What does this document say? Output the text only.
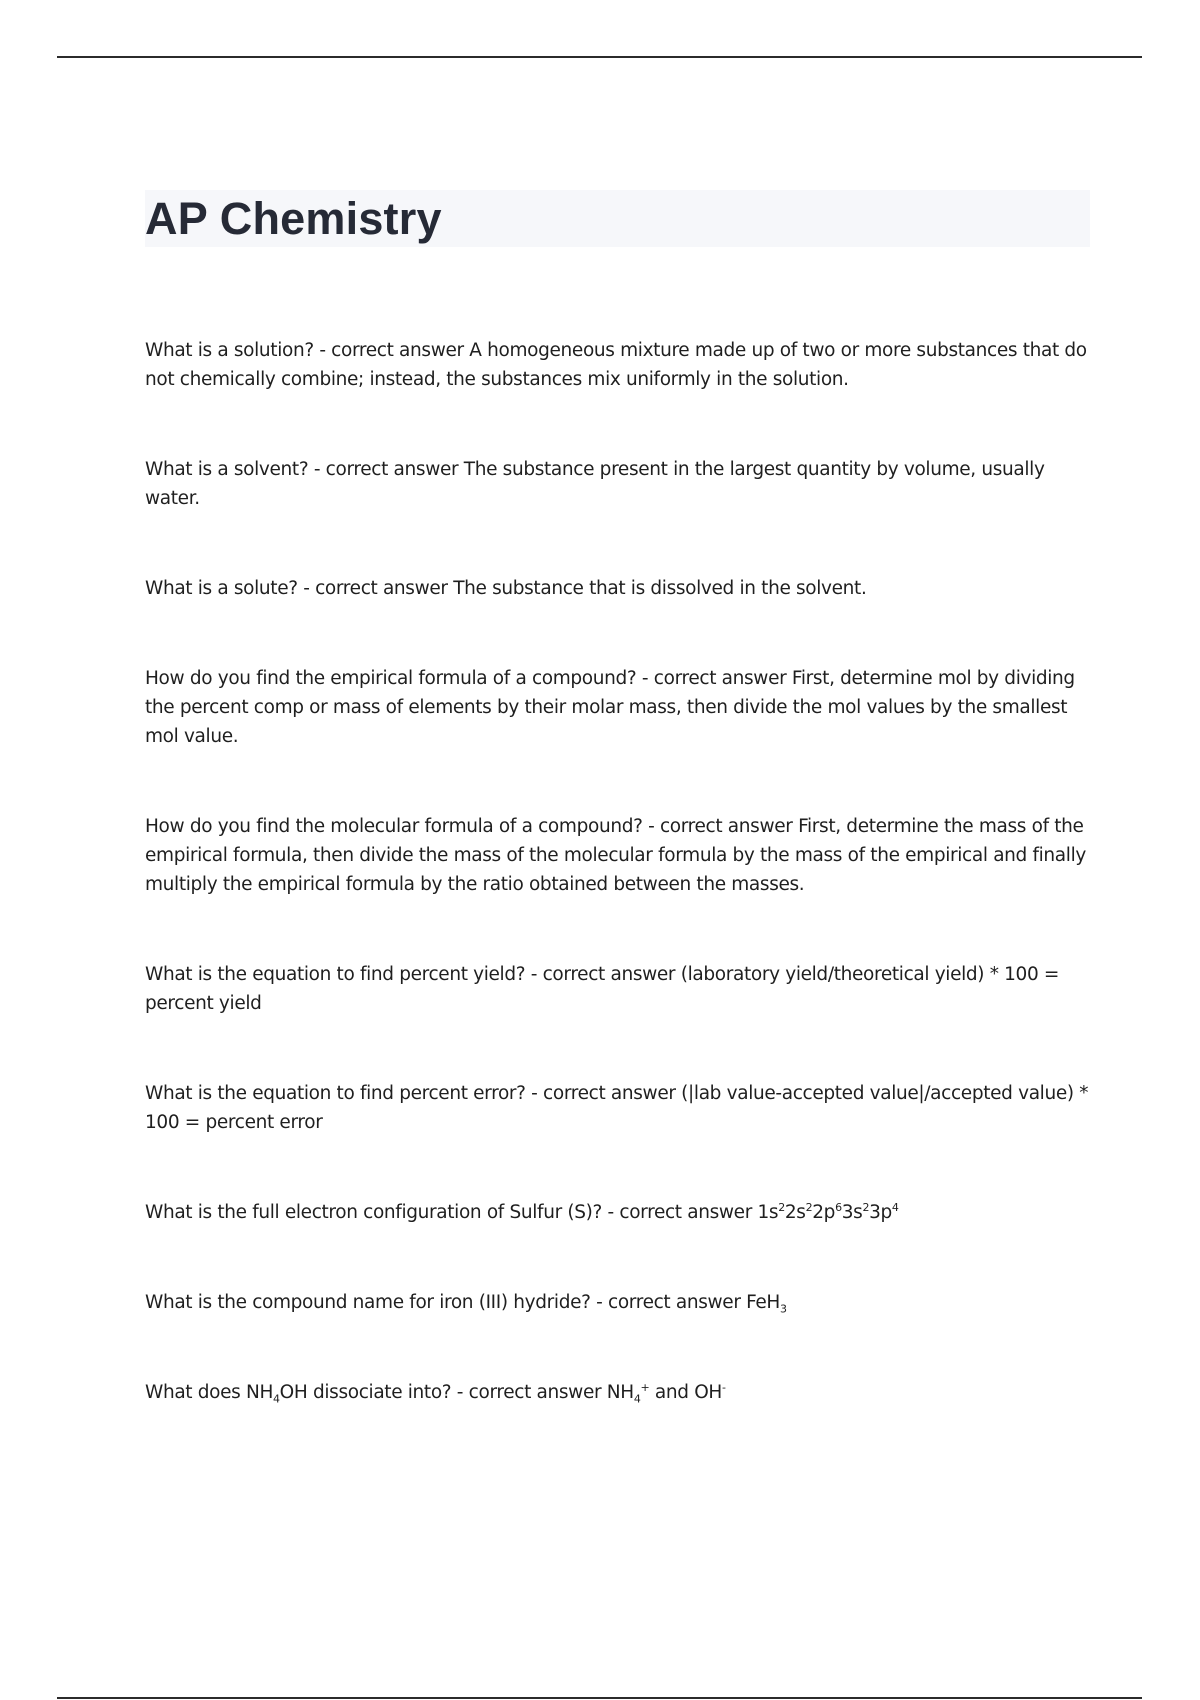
AP Chemistry
What is a solution? - correct answer A homogeneous mixture made up of two or more substances that do not chemically combine; instead, the substances mix uniformly in the solution.
What is a solvent? - correct answer The substance present in the largest quantity by volume, usually water.
What is a solute? - correct answer The substance that is dissolved in the solvent.
How do you find the empirical formula of a compound? - correct answer First, determine mol by dividing the percent comp or mass of elements by their molar mass, then divide the mol values by the smallest mol value.
How do you find the molecular formula of a compound? - correct answer First, determine the mass of the empirical formula, then divide the mass of the molecular formula by the mass of the empirical and finally multiply the empirical formula by the ratio obtained between the masses.
What is the equation to find percent yield? - correct answer (laboratory yield/theoretical yield) * 100 = percent yield
What is the equation to find percent error? - correct answer (|lab value-accepted value|/accepted value) * 100 = percent error
What is the full electron configuration of Sulfur (S)? - correct answer $1s^22s^22p^63s^23p^4$
What is the compound name for iron (III) hydride? - correct answer FeH$_3$
What does $NH_4OH$ dissociate into? - correct answer $NH_4^+$ and OH-
